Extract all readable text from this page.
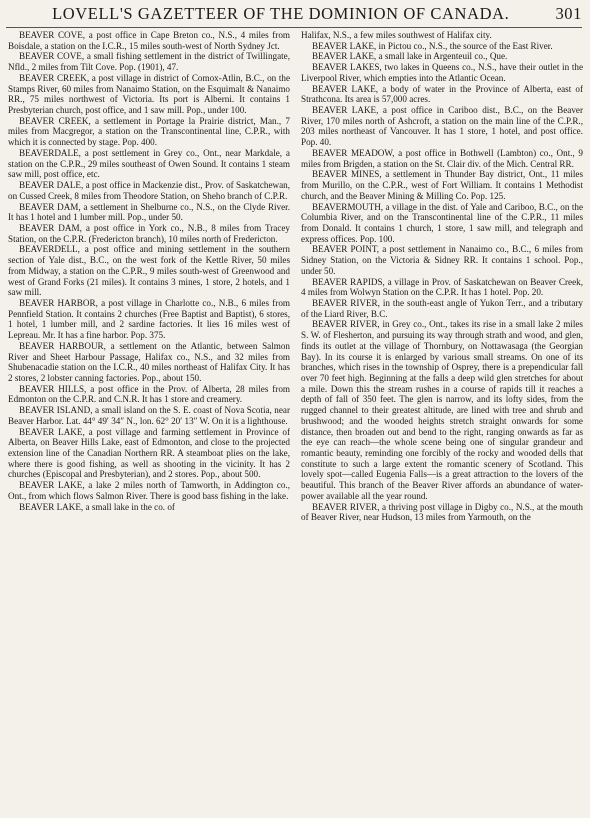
LOVELL'S GAZETTEER OF THE DOMINION OF CANADA.	301

BEAVER COVE, a post office in Cape Breton co., N.S., 4 miles from Boisdale, a station on the I.C.R., 15 miles south-west of North Sydney Jct.

BEAVER COVE, a small fishing settlement in the district of Twillingate, Nfld., 2 miles from Tilt Cove. Pop. (1901), 47.

BEAVER CREEK, a post village in district of Comox-Atlin, B.C., on the Stamps River, 60 miles from Nanaimo Station, on the Esquimalt & Nanaimo RR., 75 miles northwest of Victoria. Its port is Alberni. It contains 1 Presbyterian church, post office, and 1 saw mill. Pop., under 100.

BEAVER CREEK, a settlement in Portage la Prairie district, Man., 7 miles from Macgregor, a station on the Transcontinental line, C.P.R., with which it is connected by stage. Pop. 400.

BEAVERDALE, a post settlement in Grey co., Ont., near Markdale, a station on the C.P.R., 29 miles southeast of Owen Sound. It contains 1 steam saw mill, post office, etc.

BEAVER DALE, a post office in Mackenzie dist., Prov. of Saskatchewan, on Cussed Creek, 8 miles from Theodore Station, on Sheho branch of C.P.R.

BEAVER DAM, a settlement in Shelburne co., N.S., on the Clyde River. It has 1 hotel and 1 lumber mill. Pop., under 50.

BEAVER DAM, a post office in York co., N.B., 8 miles from Tracey Station, on the C.P.R. (Fredericton branch), 10 miles north of Fredericton.

BEAVERDELL, a post office and mining settlement in the southern section of Yale dist., B.C., on the west fork of the Kettle River, 50 miles from Midway, a station on the C.P.R., 9 miles south-west of Greenwood and west of Grand Forks (21 miles). It contains 3 mines, 1 store, 2 hotels, and 1 saw mill.

BEAVER HARBOR, a post village in Charlotte co., N.B., 6 miles from Pennfield Station. It contains 2 churches (Free Baptist and Baptist), 6 stores, 1 hotel, 1 lumber mill, and 2 sardine factories. It lies 16 miles west of Lepreau. Mr. It has a fine harbor. Pop. 375.

BEAVER HARBOUR, a settlement on the Atlantic, between Salmon River and Sheet Harbour Passage, Halifax co., N.S., and 32 miles from Shubenacadie station on the I.C.R., 40 miles northeast of Halifax City. It has 2 stores, 2 lobster canning factories. Pop., about 150.

BEAVER HILLS, a post office in the Prov. of Alberta, 28 miles from Edmonton on the C.P.R. and C.N.R. It has 1 store and creamery.

BEAVER ISLAND, a small island on the S. E. coast of Nova Scotia, near Beaver Harbor. Lat. 44° 49′ 34″ N., lon. 62° 20′ 13″ W. On it is a lighthouse.

BEAVER LAKE, a post village and farming settlement in Province of Alberta, on Beaver Hills Lake, east of Edmonton, and close to the projected extension line of the Canadian Northern RR. A steamboat plies on the lake, where there is good fishing, as well as shooting in the vicinity. It has 2 churches (Episcopal and Presbyterian), and 2 stores. Pop., about 500.

BEAVER LAKE, a lake 2 miles north of Tamworth, in Addington co., Ont., from which flows Salmon River. There is good bass fishing in the lake.

BEAVER LAKE, a small lake in the co. of

Halifax, N.S., a few miles southwest of Halifax city.

BEAVER LAKE, in Pictou co., N.S., the source of the East River.

BEAVER LAKE, a small lake in Argenteuil co., Que.

BEAVER LAKES, two lakes in Queens co., N.S., have their outlet in the Liverpool River, which empties into the Atlantic Ocean.

BEAVER LAKE, a body of water in the Province of Alberta, east of Strathcona. Its area is 57,000 acres.

BEAVER LAKE, a post office in Cariboo dist., B.C., on the Beaver River, 170 miles north of Ashcroft, a station on the main line of the C.P.R., 203 miles northeast of Vancouver. It has 1 store, 1 hotel, and post office. Pop. 40.

BEAVER MEADOW, a post office in Bothwell (Lambton) co., Ont., 9 miles from Brigden, a station on the St. Clair div. of the Mich. Central RR.

BEAVER MINES, a settlement in Thunder Bay district, Ont., 11 miles from Murillo, on the C.P.R., west of Fort William. It contains 1 Methodist church, and the Beaver Mining & Milling Co. Pop. 125.

BEAVERMOUTH, a village in the dist. of Yale and Cariboo, B.C., on the Columbia River, and on the Transcontinental line of the C.P.R., 11 miles from Donald. It contains 1 church, 1 store, 1 saw mill, and telegraph and express offices. Pop. 100.

BEAVER POINT, a post settlement in Nanaimo co., B.C., 6 miles from Sidney Station, on the Victoria & Sidney RR. It contains 1 school. Pop., under 50.

BEAVER RAPIDS, a village in Prov. of Saskatchewan on Beaver Creek, 4 miles from Wolwyn Station on the C.P.R. It has 1 hotel. Pop. 20.

BEAVER RIVER, in the south-east angle of Yukon Terr., and a tributary of the Liard River, B.C.

BEAVER RIVER, in Grey co., Ont., takes its rise in a small lake 2 miles S. W. of Flesherton, and pursuing its way through strath and wood, and glen, finds its outlet at the village of Thornbury, on Nottawasaga (the Georgian Bay). In its course it is enlarged by various small streams. On one of its branches, which rises in the township of Osprey, there is a prependicular fall over 70 feet high. Beginning at the falls a deep wild glen stretches for about a mile. Down this the stream rushes in a course of rapids till it reaches a depth of fall of 350 feet. The glen is narrow, and its lofty sides, from the rugged channel to their greatest altitude, are lined with tree and shrub and brushwood; and the wooded heights stretch straight onwards for some distance, then broaden out and bend to the right, ranging onwards as far as the eye can reach—the whole scene being one of singular grandeur and romantic beauty, reminding one forcibly of the rocky and wooded dells that constitute to such a large extent the romantic scenery of Scotland. This lovely spot—called Eugenia Falls—is a great attraction to the lovers of the beautiful. This branch of the Beaver River affords an abundance of water-power available all the year round.

BEAVER RIVER, a thriving post village in Digby co., N.S., at the mouth of Beaver River, near Hudson, 13 miles from Yarmouth, on the
